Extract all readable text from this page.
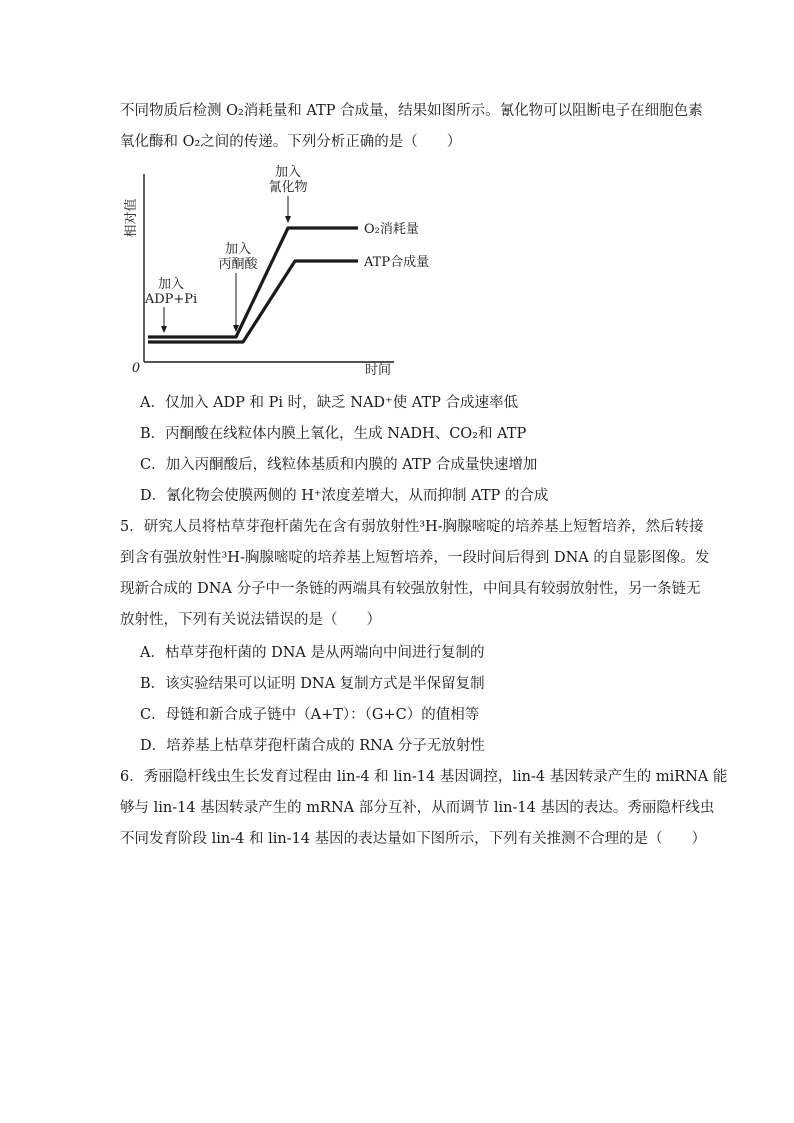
不同物质后检测 O₂消耗量和 ATP 合成量，结果如图所示。氰化物可以阻断电子在细胞色素
氧化酶和 O₂之间的传递。下列分析正确的是（　　）
相对值
时间
0
O₂消耗量
ATP合成量
加入
ADP+Pi
加入
丙酮酸
加入
氰化物
A．仅加入 ADP 和 Pi 时，缺乏 NAD⁺使 ATP 合成速率低
B．丙酮酸在线粒体内膜上氧化，生成 NADH、CO₂和 ATP
C．加入丙酮酸后，线粒体基质和内膜的 ATP 合成量快速增加
D．氰化物会使膜两侧的 H⁺浓度差增大，从而抑制 ATP 的合成
5．研究人员将枯草芽孢杆菌先在含有弱放射性³H-胸腺嘧啶的培养基上短暂培养，然后转接
到含有强放射性³H-胸腺嘧啶的培养基上短暂培养，一段时间后得到 DNA 的自显影图像。发
现新合成的 DNA 分子中一条链的两端具有较强放射性，中间具有较弱放射性，另一条链无
放射性，下列有关说法错误的是（　　）
A．枯草芽孢杆菌的 DNA 是从两端向中间进行复制的
B．该实验结果可以证明 DNA 复制方式是半保留复制
C．母链和新合成子链中（A+T）：（G+C）的值相等
D．培养基上枯草芽孢杆菌合成的 RNA 分子无放射性
6．秀丽隐杆线虫生长发育过程由 lin-4 和 lin-14 基因调控，lin-4 基因转录产生的 miRNA 能
够与 lin-14 基因转录产生的 mRNA 部分互补，从而调节 lin-14 基因的表达。秀丽隐杆线虫
不同发育阶段 lin-4 和 lin-14 基因的表达量如下图所示，下列有关推测不合理的是（　　）
